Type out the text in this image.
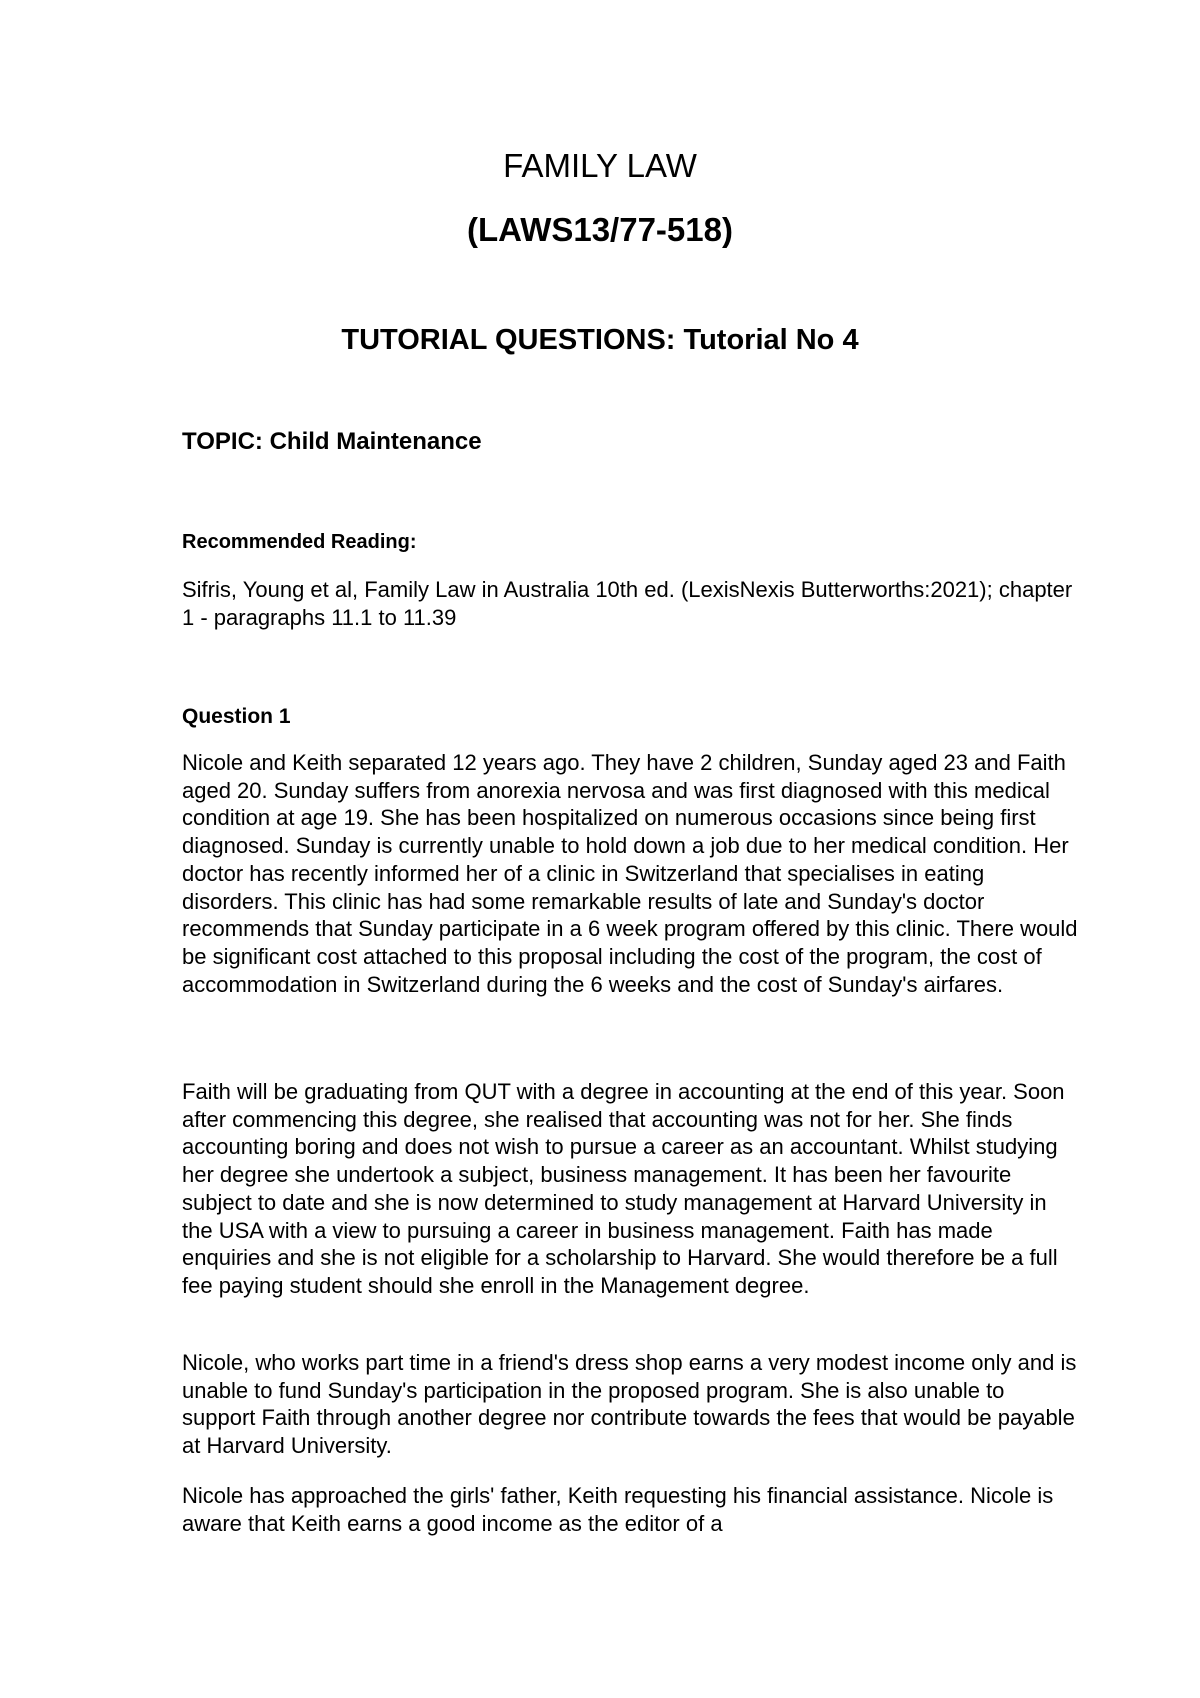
FAMILY LAW
(LAWS13/77-518)
TUTORIAL QUESTIONS: Tutorial No 4
TOPIC: Child Maintenance
Recommended Reading:

Sifris, Young et al, Family Law in Australia 10th ed. (LexisNexis Butterworths:2021); chapter 1 - paragraphs 11.1 to 11.39

Question 1

Nicole and Keith separated 12 years ago. They have 2 children, Sunday aged 23 and Faith aged 20. Sunday suffers from anorexia nervosa and was first diagnosed with this medical condition at age 19. She has been hospitalized on numerous occasions since being first diagnosed. Sunday is currently unable to hold down a job due to her medical condition. Her doctor has recently informed her of a clinic in Switzerland that specialises in eating disorders. This clinic has had some remarkable results of late and Sunday's doctor recommends that Sunday participate in a 6 week program offered by this clinic. There would be significant cost attached to this proposal including the cost of the program, the cost of accommodation in Switzerland during the 6 weeks and the cost of Sunday's airfares.

Faith will be graduating from QUT with a degree in accounting at the end of this year. Soon after commencing this degree, she realised that accounting was not for her. She finds accounting boring and does not wish to pursue a career as an accountant. Whilst studying her degree she undertook a subject, business management. It has been her favourite subject to date and she is now determined to study management at Harvard University in the USA with a view to pursuing a career in business management. Faith has made enquiries and she is not eligible for a scholarship to Harvard. She would therefore be a full fee paying student should she enroll in the Management degree.

Nicole, who works part time in a friend's dress shop earns a very modest income only and is unable to fund Sunday's participation in the proposed program. She is also unable to support Faith through another degree nor contribute towards the fees that would be payable at Harvard University.

Nicole has approached the girls' father, Keith requesting his financial assistance. Nicole is aware that Keith earns a good income as the editor of a
